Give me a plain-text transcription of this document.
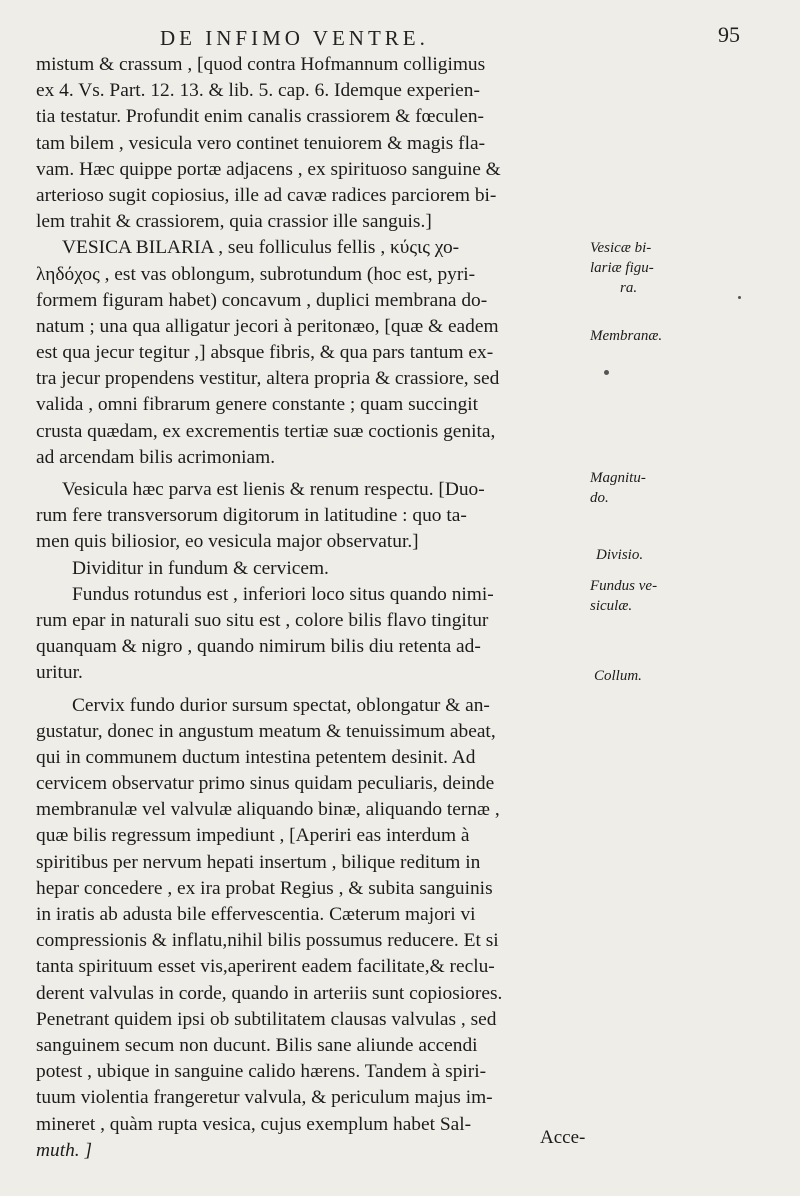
DE INFIMO VENTRE.	95
mistum & crassum , [quod contra Hofmannum colligimus
ex 4. Vs. Part. 12. 13. & lib. 5. cap. 6. Idemque experien-
tia testatur. Profundit enim canalis crassiorem & fœculen-
tam bilem , vesicula vero continet tenuiorem & magis fla-
vam. Hæc quippe portæ adjacens , ex spirituoso sanguine &
arterioso sugit copiosius, ille ad cavæ radices parciorem bi-
lem trahit & crassiorem, quia crassior ille sanguis.]
VESICA BILARIA , seu folliculus fellis , κύςις χο-
ληδόχος , est vas oblongum, subrotundum (hoc est, pyri-
formem figuram habet) concavum , duplici membrana do-
natum ; una qua alligatur jecori à peritonæo, [quæ & eadem
est qua jecur tegitur ,] absque fibris, & qua pars tantum ex-
tra jecur propendens vestitur, altera propria & crassiore, sed
valida , omni fibrarum genere constante ; quam succingit
crusta quædam, ex excrementis tertiæ suæ coctionis genita,
ad arcendam bilis acrimoniam.
Vesicula hæc parva est lienis & renum respectu. [Duo-
rum fere transversorum digitorum in latitudine : quo ta-
men quis biliosior, eo vesicula major observatur.]
Dividitur in fundum & cervicem.
Fundus rotundus est , inferiori loco situs quando nimi-
rum epar in naturali suo situ est , colore bilis flavo tingitur
quanquam & nigro , quando nimirum bilis diu retenta ad-
uritur.
Cervix fundo durior sursum spectat, oblongatur & an-
gustatur, donec in angustum meatum & tenuissimum abeat,
qui in communem ductum intestina petentem desinit. Ad
cervicem observatur primo sinus quidam peculiaris, deinde
membranulæ vel valvulæ aliquando binæ, aliquando ternæ ,
quæ bilis regressum impediunt , [Aperiri eas interdum à
spiritibus per nervum hepati insertum , bilique reditum in
hepar concedere , ex ira probat Regius , & subita sanguinis
in iratis ab adusta bile effervescentia. Cæterum majori vi
compressionis & inflatu,nihil bilis possumus reducere. Et si
tanta spirituum esset vis,aperirent eadem facilitate,& reclu-
derent valvulas in corde, quando in arteriis sunt copiosiores.
Penetrant quidem ipsi ob subtilitatem clausas valvulas , sed
sanguinem secum non ducunt. Bilis sane aliunde accendi
potest , ubique in sanguine calido hærens. Tandem à spiri-
tuum violentia frangeretur valvula, & periculum majus im-
mineret , quàm rupta vesica, cujus exemplum habet Sal-
muth. ]
Vesicæ bi-
lariæ figu-
ra.
Membranæ.
Magnitu-
do.
Divisio.
Fundus ve-
siculæ.
Collum.
Acce-
